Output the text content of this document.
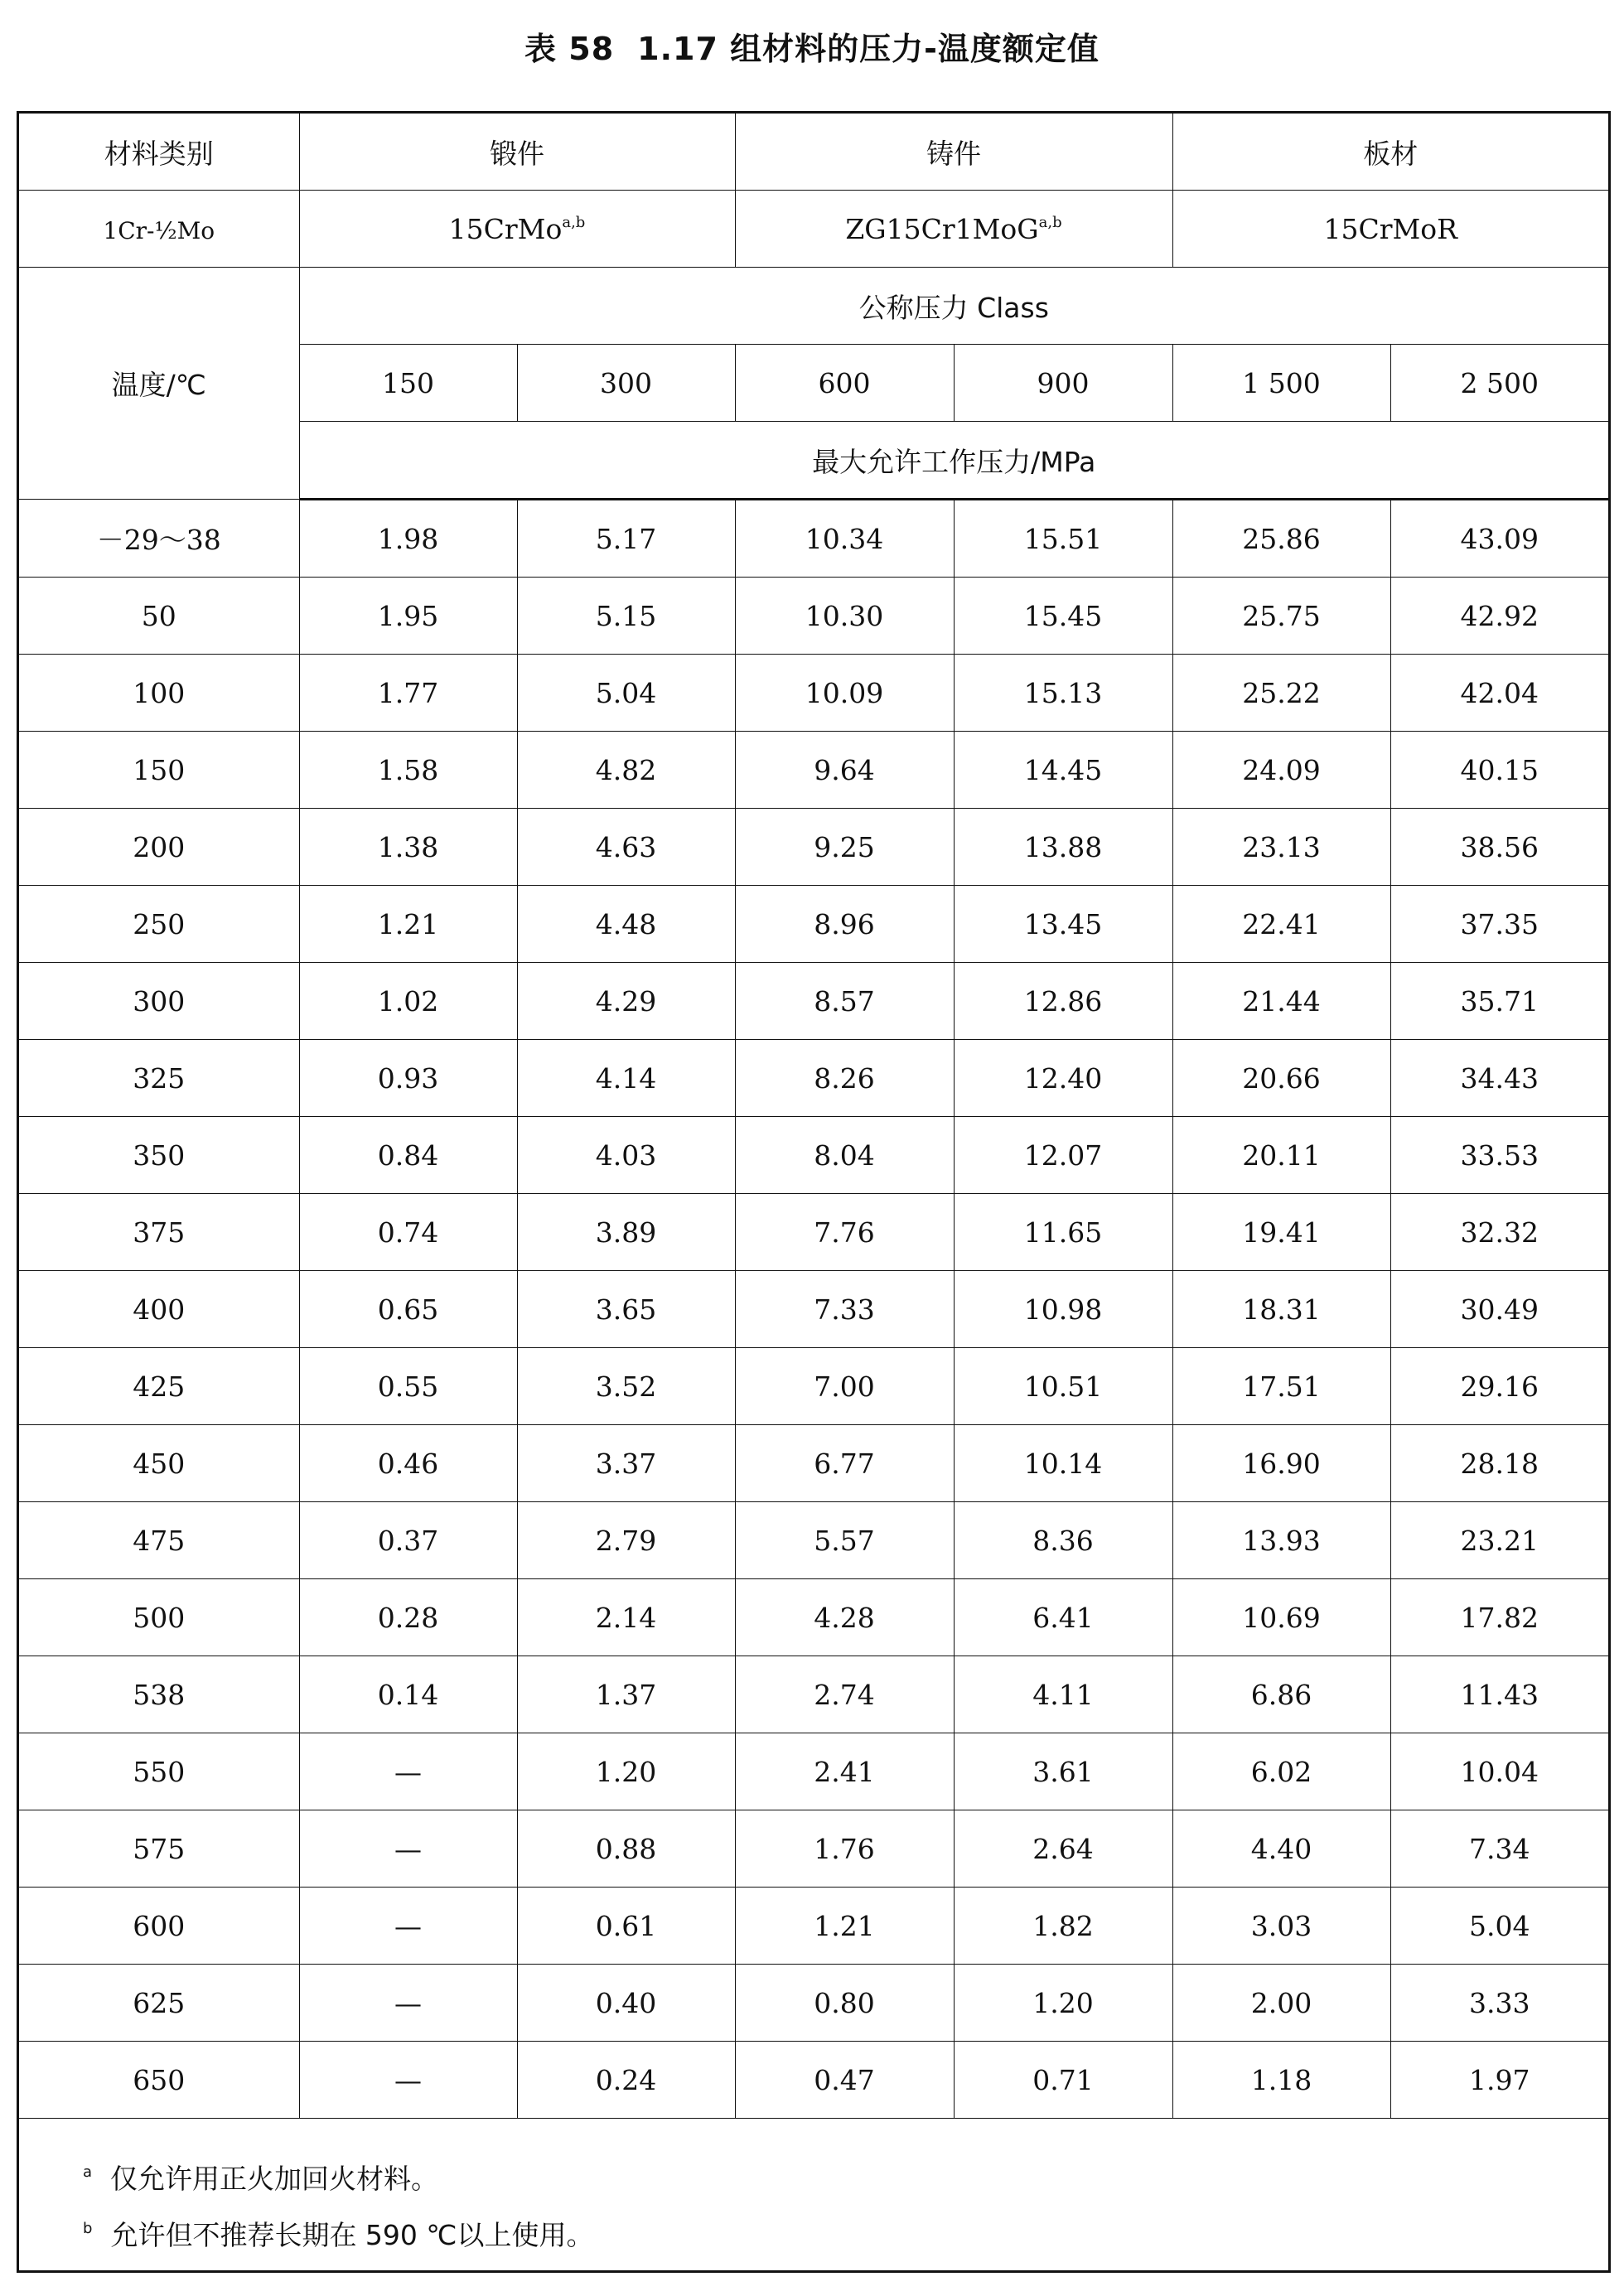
表 58 1.17 组材料的压力-温度额定值
材料类别	锻件		铸件		板材	
1Cr-½Mo	15CrMo$^{a,b}$		ZG15Cr1MoG$^{a,b}$		15CrMoR	
温度/℃	公称压力 Class					
	150	300	600	900	1 500	2 500
	最大允许工作压力/MPa					
－29～38	1.98	5.17	10.34	15.51	25.86	43.09
50	1.95	5.15	10.30	15.45	25.75	42.92
100	1.77	5.04	10.09	15.13	25.22	42.04
150	1.58	4.82	9.64	14.45	24.09	40.15
200	1.38	4.63	9.25	13.88	23.13	38.56
250	1.21	4.48	8.96	13.45	22.41	37.35
300	1.02	4.29	8.57	12.86	21.44	35.71
325	0.93	4.14	8.26	12.40	20.66	34.43
350	0.84	4.03	8.04	12.07	20.11	33.53
375	0.74	3.89	7.76	11.65	19.41	32.32
400	0.65	3.65	7.33	10.98	18.31	30.49
425	0.55	3.52	7.00	10.51	17.51	29.16
450	0.46	3.37	6.77	10.14	16.90	28.18
475	0.37	2.79	5.57	8.36	13.93	23.21
500	0.28	2.14	4.28	6.41	10.69	17.82
538	0.14	1.37	2.74	4.11	6.86	11.43
550	—	1.20	2.41	3.61	6.02	10.04
575	—	0.88	1.76	2.64	4.40	7.34
600	—	0.61	1.21	1.82	3.03	5.04
625	—	0.40	0.80	1.20	2.00	3.33
650	—	0.24	0.47	0.71	1.18	1.97
$^a$ 仅允许用正火加回火材料。
$^b$ 允许但不推荐长期在 590 ℃以上使用。
